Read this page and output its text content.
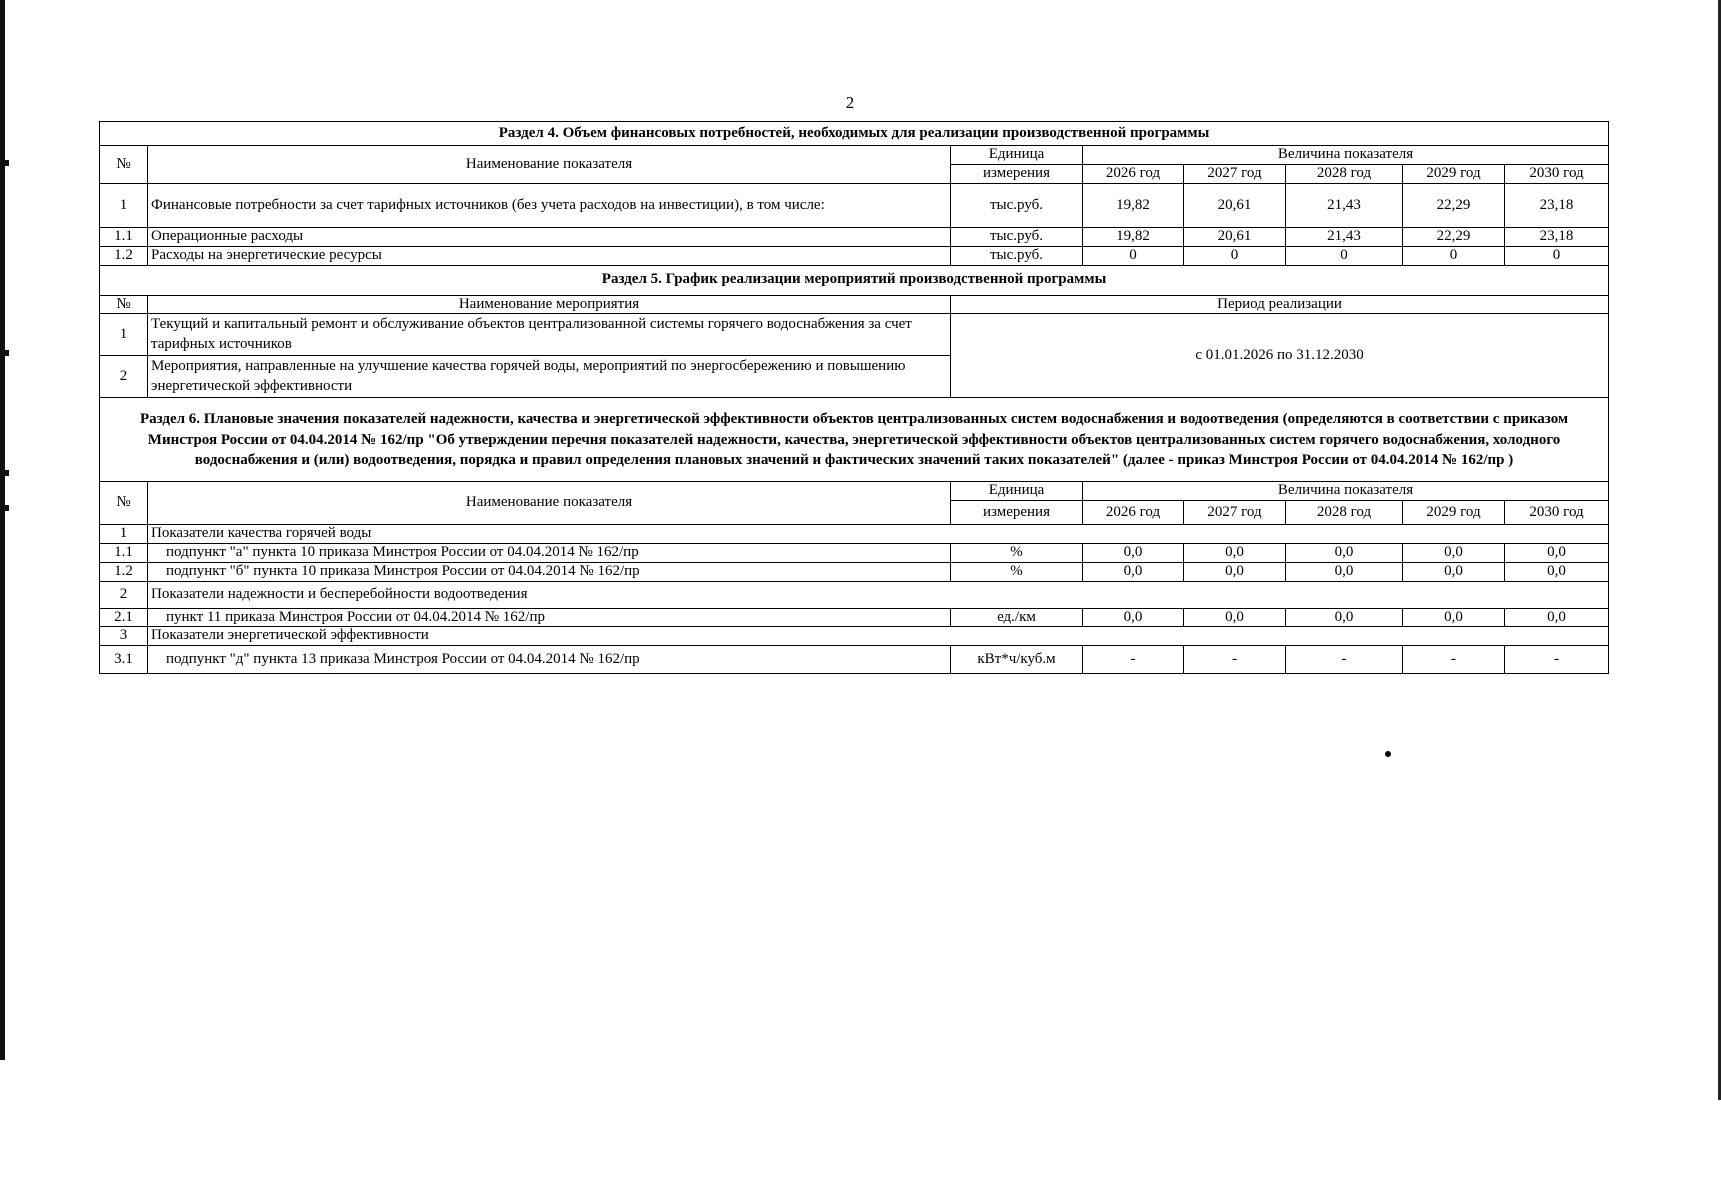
2
Раздел 4. Объем финансовых потребностей, необходимых для реализации производственной программы							
№	Наименование показателя	Единица	Величина показателя				
		измерения	2026 год	2027 год	2028 год	2029 год	2030 год
1	Финансовые потребности за счет тарифных источников (без учета расходов на инвестиции), в том числе:	тыс.руб.	19,82	20,61	21,43	22,29	23,18
1.1	Операционные расходы	тыс.руб.	19,82	20,61	21,43	22,29	23,18
1.2	Расходы на энергетические ресурсы	тыс.руб.	0	0	0	0	0
Раздел 5. График реализации мероприятий производственной программы							
№	Наименование мероприятия	Период реализации					
1	Текущий и капитальный ремонт и обслуживание объектов централизованной системы горячего водоснабжения за счет тарифных источников	с 01.01.2026 по 31.12.2030					
2	Мероприятия, направленные на улучшение качества горячей воды, мероприятий по энергосбережению и повышению энергетической эффективности						
Раздел 6. Плановые значения показателей надежности, качества и энергетической эффективности объектов централизованных систем водоснабжения и водоотведения (определяются в соответствии с приказом Минстроя России от 04.04.2014 № 162/пр "Об утверждении перечня показателей надежности, качества, энергетической эффективности объектов централизованных систем горячего водоснабжения, холодного водоснабжения и (или) водоотведения, порядка и правил определения плановых значений и фактических значений таких показателей" (далее - приказ Минстроя России от 04.04.2014 № 162/пр )							
№	Наименование показателя	Единица	Величина показателя				
		измерения	2026 год	2027 год	2028 год	2029 год	2030 год
1	Показатели качества горячей воды						
1.1	подпункт "а" пункта 10 приказа Минстроя России от 04.04.2014 № 162/пр	%	0,0	0,0	0,0	0,0	0,0
1.2	подпункт "б" пункта 10 приказа Минстроя России от 04.04.2014 № 162/пр	%	0,0	0,0	0,0	0,0	0,0
2	Показатели надежности и бесперебойности водоотведения						
2.1	пункт 11 приказа Минстроя России от 04.04.2014 № 162/пр	ед./км	0,0	0,0	0,0	0,0	0,0
3	Показатели энергетической эффективности						
3.1	подпункт "д" пункта 13 приказа Минстроя России от 04.04.2014 № 162/пр	кВт*ч/куб.м	-	-	-	-	-
